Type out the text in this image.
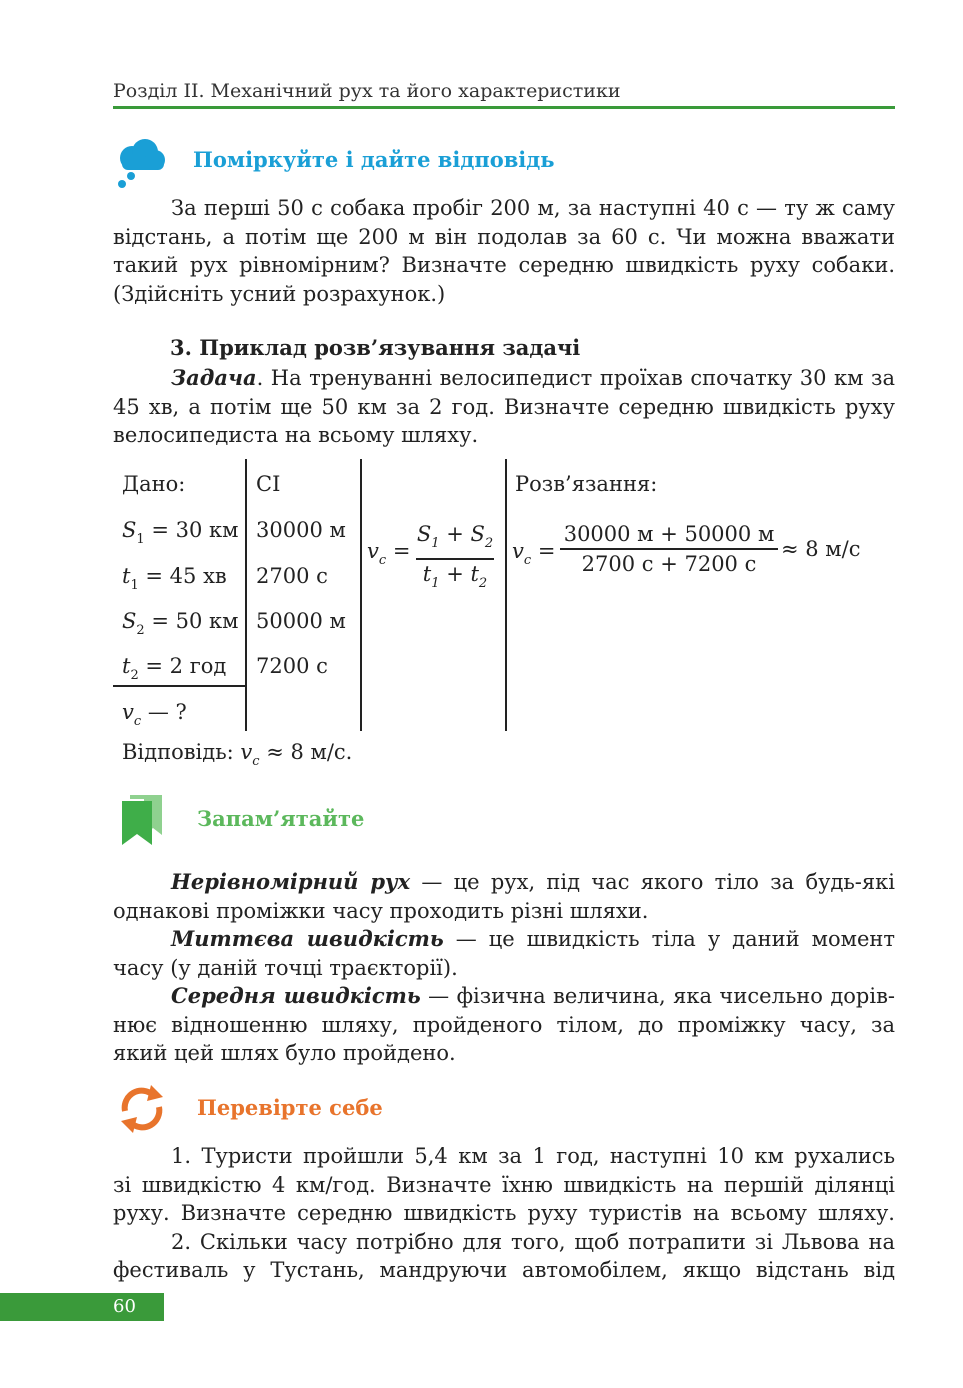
Розділ ІІ. Механічний рух та його характеристики
Поміркуйте і дайте відповідь
За перші 50 с собака пробіг 200 м, за наступні 40 с — ту ж саму
відстань, а потім ще 200 м він подолав за 60 с. Чи можна вважати
такий рух рівномірним? Визначте середню швидкість руху собаки.
(Здійсніть усний розрахунок.)
3. Приклад розв’язування задачі
Задача. На тренуванні велосипедист проїхав спочатку 30 км за
45 хв, а потім ще 50 км за 2 год. Визначте середню швидкість руху
велосипедиста на всьому шляху.
Дано:	СІ	Розв’язання:
$S_1 = 30$ км 30000 м
$t_1 = 45$ хв 2700 с
$S_2 = 50$ км 50000 м
$t_2 = 2$ год 7200 с
$v_c$ — ?
$v_c$ =
$S_1 + S_2$
$t_1 + t_2$
$v_c$ =
30000 м + 50000 м
2700 с + 7200 с
≈ 8 м/с
Відповідь: $v_c \approx 8$ м/с.
Запам’ятайте
Нерівномірний рух — це рух, під час якого тіло за будь-які
однакові проміжки часу проходить різні шляхи.
Миттєва швидкість — це швидкість тіла у даний момент
часу (у даній точці траєкторії).
Середня швидкість — фізична величина, яка чисельно дорів-
нює відношенню шляху, пройденого тілом, до проміжку часу, за
який цей шлях було пройдено.
Перевірте себе
1. Туристи пройшли 5,4 км за 1 год, наступні 10 км рухались
зі швидкістю 4 км/год. Визначте їхню швидкість на першій ділянці
руху. Визначте середню швидкість руху туристів на всьому шляху.
2. Скільки часу потрібно для того, щоб потрапити зі Львова на
фестиваль у Тустань, мандруючи автомобілем, якщо відстань від
60
